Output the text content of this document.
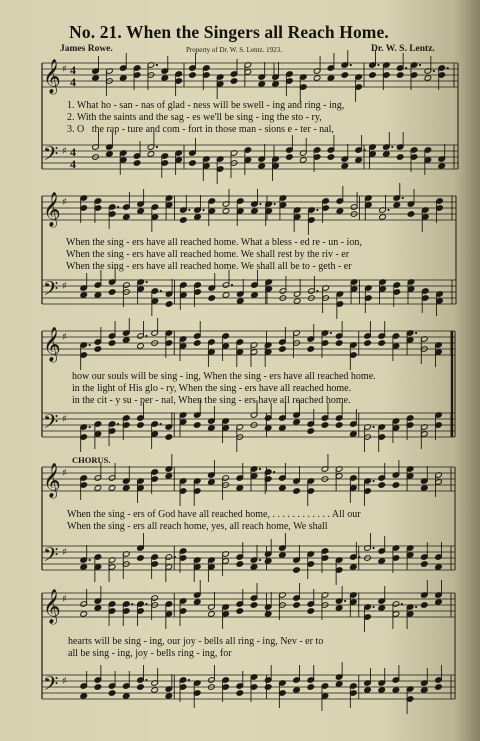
No. 21. When the Singers all Reach Home.
James Rowe.	Property of Dr. W. S. Lentz. 1923.	Dr. W. S. Lentz.
𝄞 ♯ 4
4
𝄢 ♯ 4
4
𝄞 ♯
𝄢 ♯
𝄞 ♯
𝄢 ♯
𝄞 ♯
𝄢 ♯
𝄞 ♯
𝄢 ♯
1. What ho - san - nas of glad - ness will be swell - ing and ring - ing,
2. With the saints and the sag - es we'll be sing - ing the sto - ry,
3. O   the rap - ture and com - fort in those man - sions e - ter - nal,
When the sing - ers have all reached home. What a bless - ed re - un - ion,
When the sing - ers have all reached home. We shall rest by the riv - er
When the sing - ers have all reached home. We shall all be to - geth - er
how our souls will be sing - ing, When the sing - ers have all reached home.
in the light of His glo - ry, When the sing - ers have all reached home.
in the cit - y su - per - nal, When the sing - ers have all reached home.
CHORUS.
When the sing - ers of God have all reached home, . . . . . . . . . . . . All our
When the sing - ers all reach home, yes, all reach home, We shall
hearts will be sing - ing, our joy - bells all ring - ing, Nev - er to
all be sing - ing, joy - bells ring - ing, for
